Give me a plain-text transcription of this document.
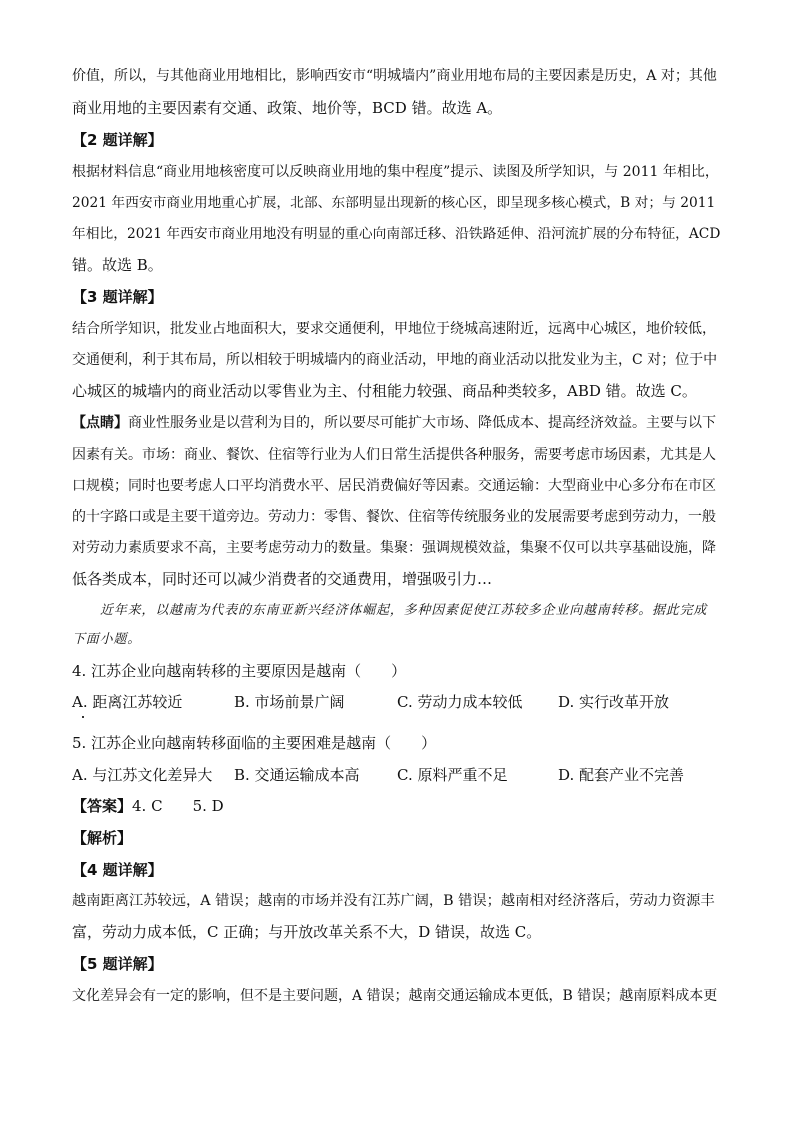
价值，所以，与其他商业用地相比，影响西安市“明城墙内”商业用地布局的主要因素是历史，A 对；其他
商业用地的主要因素有交通、政策、地价等，BCD 错。故选 A。
【2 题详解】
根据材料信息“商业用地核密度可以反映商业用地的集中程度”提示、读图及所学知识，与 2011 年相比，
2021 年西安市商业用地重心扩展，北部、东部明显出现新的核心区，即呈现多核心模式，B 对；与 2011
年相比，2021 年西安市商业用地没有明显的重心向南部迁移、沿铁路延伸、沿河流扩展的分布特征，ACD
错。故选 B。
【3 题详解】
结合所学知识，批发业占地面积大，要求交通便利，甲地位于绕城高速附近，远离中心城区，地价较低，
交通便利，利于其布局，所以相较于明城墙内的商业活动，甲地的商业活动以批发业为主，C 对；位于中
心城区的城墙内的商业活动以零售业为主、付租能力较强、商品种类较多，ABD 错。故选 C。
【点睛】商业性服务业是以营利为目的，所以要尽可能扩大市场、降低成本、提高经济效益。主要与以下
因素有关。市场：商业、餐饮、住宿等行业为人们日常生活提供各种服务，需要考虑市场因素，尤其是人
口规模；同时也要考虑人口平均消费水平、居民消费偏好等因素。交通运输：大型商业中心多分布在市区
的十字路口或是主要干道旁边。劳动力：零售、餐饮、住宿等传统服务业的发展需要考虑到劳动力，一般
对劳动力素质要求不高，主要考虑劳动力的数量。集聚：强调规模效益，集聚不仅可以共享基础设施，降
低各类成本，同时还可以减少消费者的交通费用，增强吸引力…
近年来，以越南为代表的东南亚新兴经济体崛起，多种因素促使江苏较多企业向越南转移。据此完成
下面小题。
4. 江苏企业向越南转移的主要原因是越南（　　）
A. 距离江苏较近	B. 市场前景广阔	C. 劳动力成本较低 D. 实行改革开放
5. 江苏企业向越南转移面临的主要困难是越南（　　）
A. 与江苏文化差异大 B. 交通运输成本高 C. 原料严重不足	D. 配套产业不完善
【答案】4. C　　5. D
【解析】
【4 题详解】
越南距离江苏较远，A 错误；越南的市场并没有江苏广阔，B 错误；越南相对经济落后，劳动力资源丰
富，劳动力成本低，C 正确；与开放改革关系不大，D 错误，故选 C。
【5 题详解】
文化差异会有一定的影响，但不是主要问题，A 错误；越南交通运输成本更低，B 错误；越南原料成本更
